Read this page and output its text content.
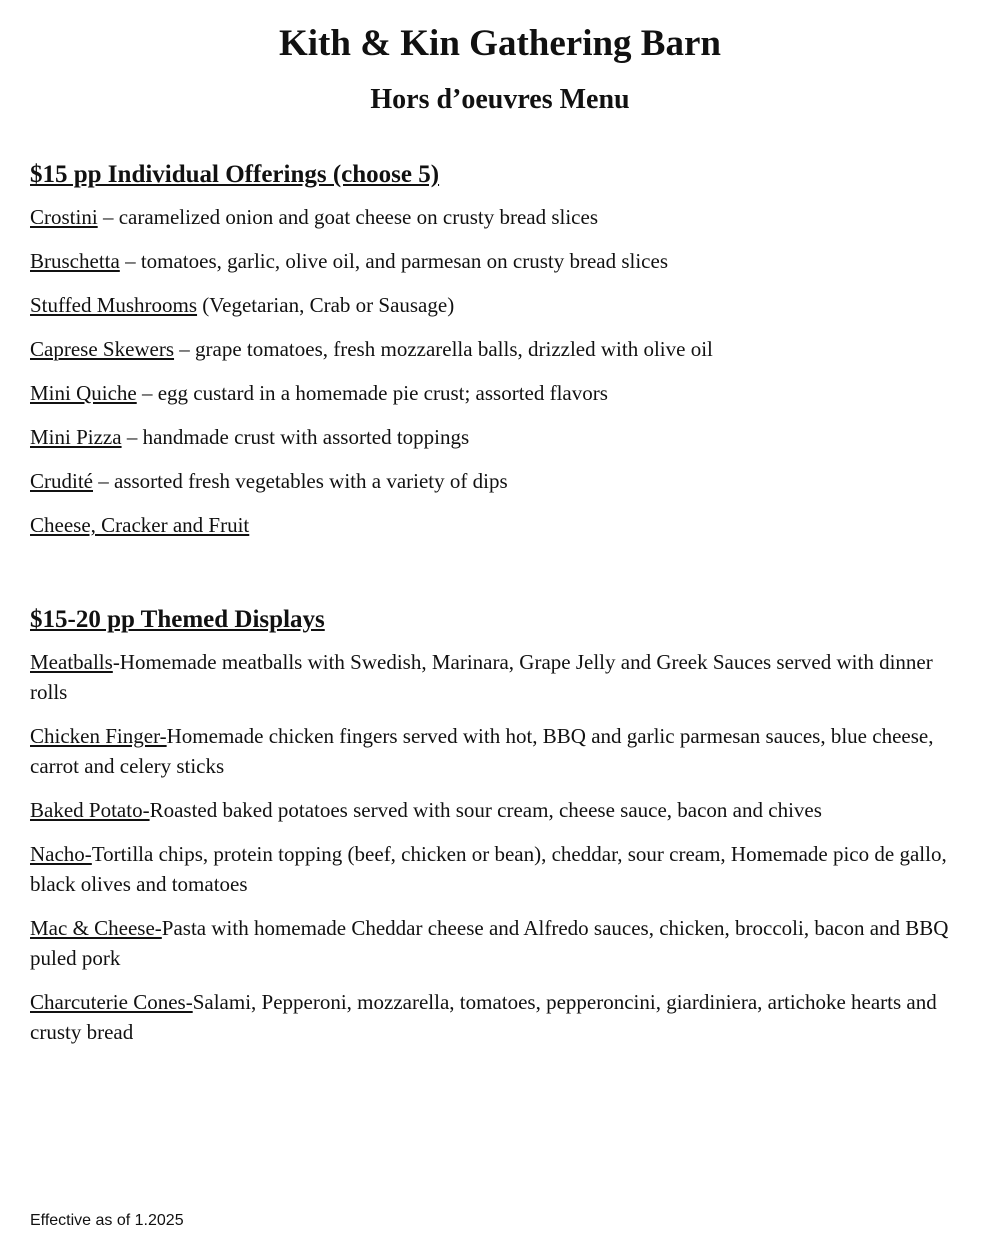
Kith & Kin Gathering Barn
Hors d’oeuvres Menu
$15 pp Individual Offerings (choose 5)
Crostini – caramelized onion and goat cheese on crusty bread slices
Bruschetta – tomatoes, garlic, olive oil, and parmesan on crusty bread slices
Stuffed Mushrooms (Vegetarian, Crab or Sausage)
Caprese Skewers – grape tomatoes, fresh mozzarella balls, drizzled with olive oil
Mini Quiche – egg custard in a homemade pie crust; assorted flavors
Mini Pizza – handmade crust with assorted toppings
Crudité – assorted fresh vegetables with a variety of dips
Cheese, Cracker and Fruit
$15-20 pp Themed Displays
Meatballs-Homemade meatballs with Swedish, Marinara, Grape Jelly and Greek Sauces served with dinner rolls
Chicken Finger-Homemade chicken fingers served with hot, BBQ and garlic parmesan sauces, blue cheese, carrot and celery sticks
Baked Potato-Roasted baked potatoes served with sour cream, cheese sauce, bacon and chives
Nacho-Tortilla chips, protein topping (beef, chicken or bean), cheddar, sour cream, Homemade pico de gallo, black olives and tomatoes
Mac & Cheese-Pasta with homemade Cheddar cheese and Alfredo sauces, chicken, broccoli, bacon and BBQ puled pork
Charcuterie Cones-Salami, Pepperoni, mozzarella, tomatoes, pepperoncini, giardiniera, artichoke hearts and crusty bread
Effective as of 1.2025
